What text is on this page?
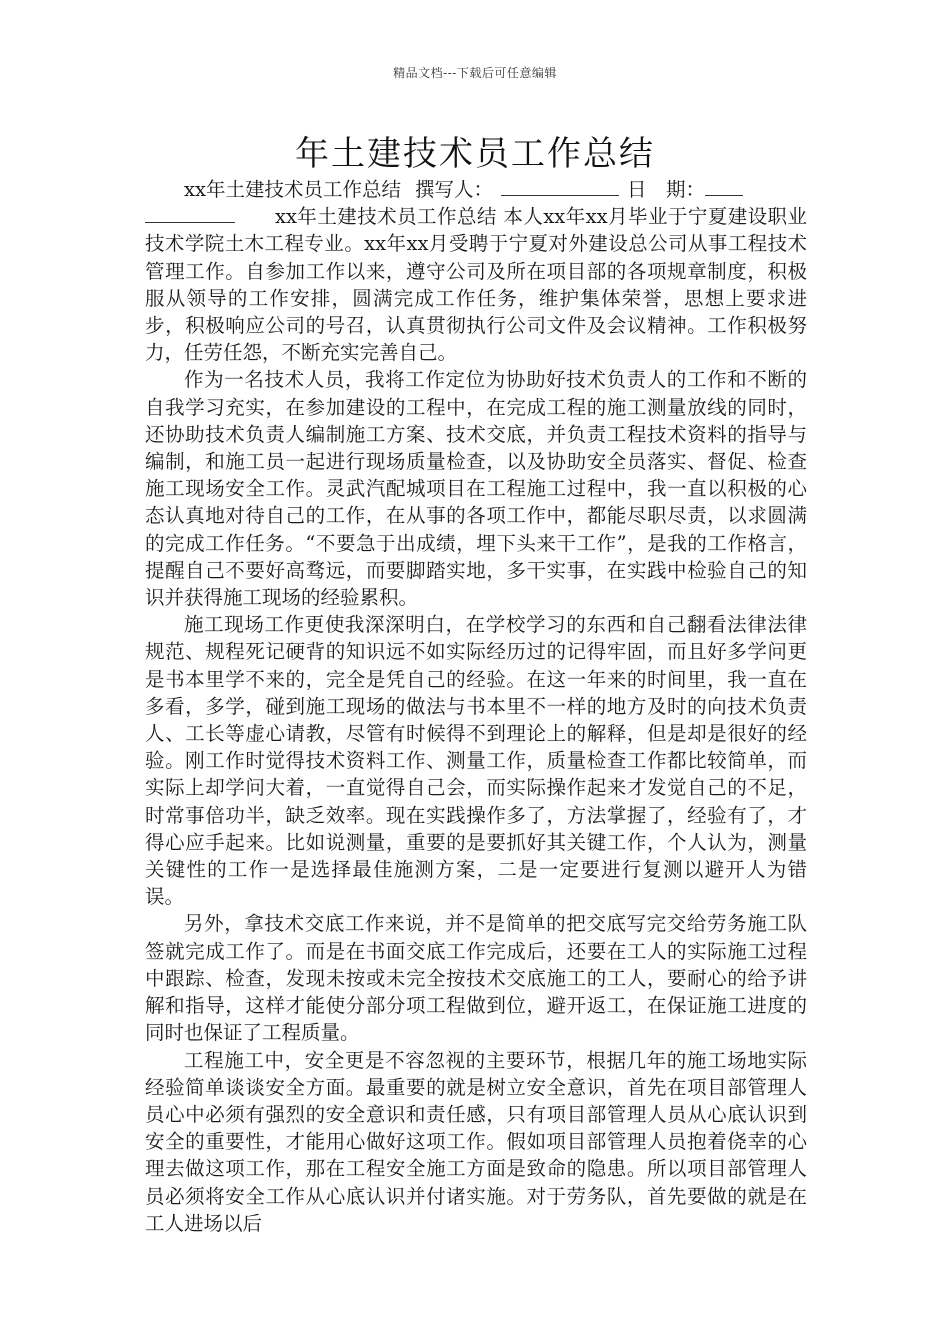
精品文档---下载后可任意编辑
年土建技术员工作总结
xx年土建技术员工作总结 撰写人：	日　期：
xx年土建技术员工作总结 本人xx年xx月毕业于宁夏建设职业技术学院土木工程专业。xx年xx月受聘于宁夏对外建设总公司从事工程技术管理工作。自参加工作以来，遵守公司及所在项目部的各项规章制度，积极服从领导的工作安排，圆满完成工作任务，维护集体荣誉，思想上要求进步，积极响应公司的号召，认真贯彻执行公司文件及会议精神。工作积极努力，任劳任怨，不断充实完善自己。

作为一名技术人员，我将工作定位为协助好技术负责人的工作和不断的自我学习充实，在参加建设的工程中，在完成工程的施工测量放线的同时，还协助技术负责人编制施工方案、技术交底，并负责工程技术资料的指导与编制，和施工员一起进行现场质量检查，以及协助安全员落实、督促、检查施工现场安全工作。灵武汽配城项目在工程施工过程中，我一直以积极的心态认真地对待自己的工作，在从事的各项工作中，都能尽职尽责，以求圆满的完成工作任务。“不要急于出成绩，埋下头来干工作”，是我的工作格言，提醒自己不要好高骛远，而要脚踏实地，多干实事，在实践中检验自己的知识并获得施工现场的经验累积。

施工现场工作更使我深深明白，在学校学习的东西和自己翻看法律法律规范、规程死记硬背的知识远不如实际经历过的记得牢固，而且好多学问更是书本里学不来的，完全是凭自己的经验。在这一年来的时间里，我一直在多看，多学，碰到施工现场的做法与书本里不一样的地方及时的向技术负责人、工长等虚心请教，尽管有时候得不到理论上的解释，但是却是很好的经验。刚工作时觉得技术资料工作、测量工作，质量检查工作都比较简单，而实际上却学问大着，一直觉得自己会，而实际操作起来才发觉自己的不足，时常事倍功半，缺乏效率。现在实践操作多了，方法掌握了，经验有了，才得心应手起来。比如说测量，重要的是要抓好其关键工作，个人认为，测量关键性的工作一是选择最佳施测方案，二是一定要进行复测以避开人为错误。

另外，拿技术交底工作来说，并不是简单的把交底写完交给劳务施工队签就完成工作了。而是在书面交底工作完成后，还要在工人的实际施工过程中跟踪、检查，发现未按或未完全按技术交底施工的工人，要耐心的给予讲解和指导，这样才能使分部分项工程做到位，避开返工，在保证施工进度的同时也保证了工程质量。

工程施工中，安全更是不容忽视的主要环节，根据几年的施工场地实际经验简单谈谈安全方面。最重要的就是树立安全意识，首先在项目部管理人员心中必须有强烈的安全意识和责任感，只有项目部管理人员从心底认识到安全的重要性，才能用心做好这项工作。假如项目部管理人员抱着侥幸的心理去做这项工作，那在工程安全施工方面是致命的隐患。所以项目部管理人员必须将安全工作从心底认识并付诸实施。对于劳务队，首先要做的就是在工人进场以后
